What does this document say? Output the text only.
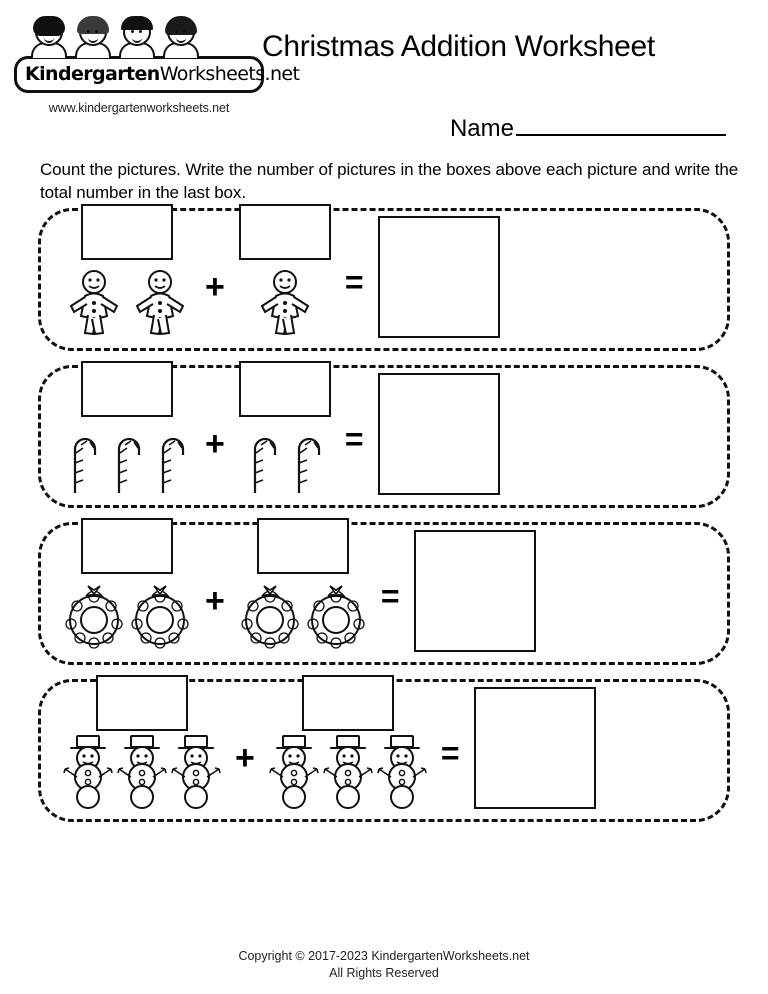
KindergartenWorksheets.net
www.kindergartenworksheets.net
Christmas Addition Worksheet
Name
Count the pictures. Write the number of pictures in the boxes above each picture and write the total number in the last box.
+	=
+	=
+	=
+	=
Copyright © 2017-2023 KindergartenWorksheets.net
All Rights Reserved
